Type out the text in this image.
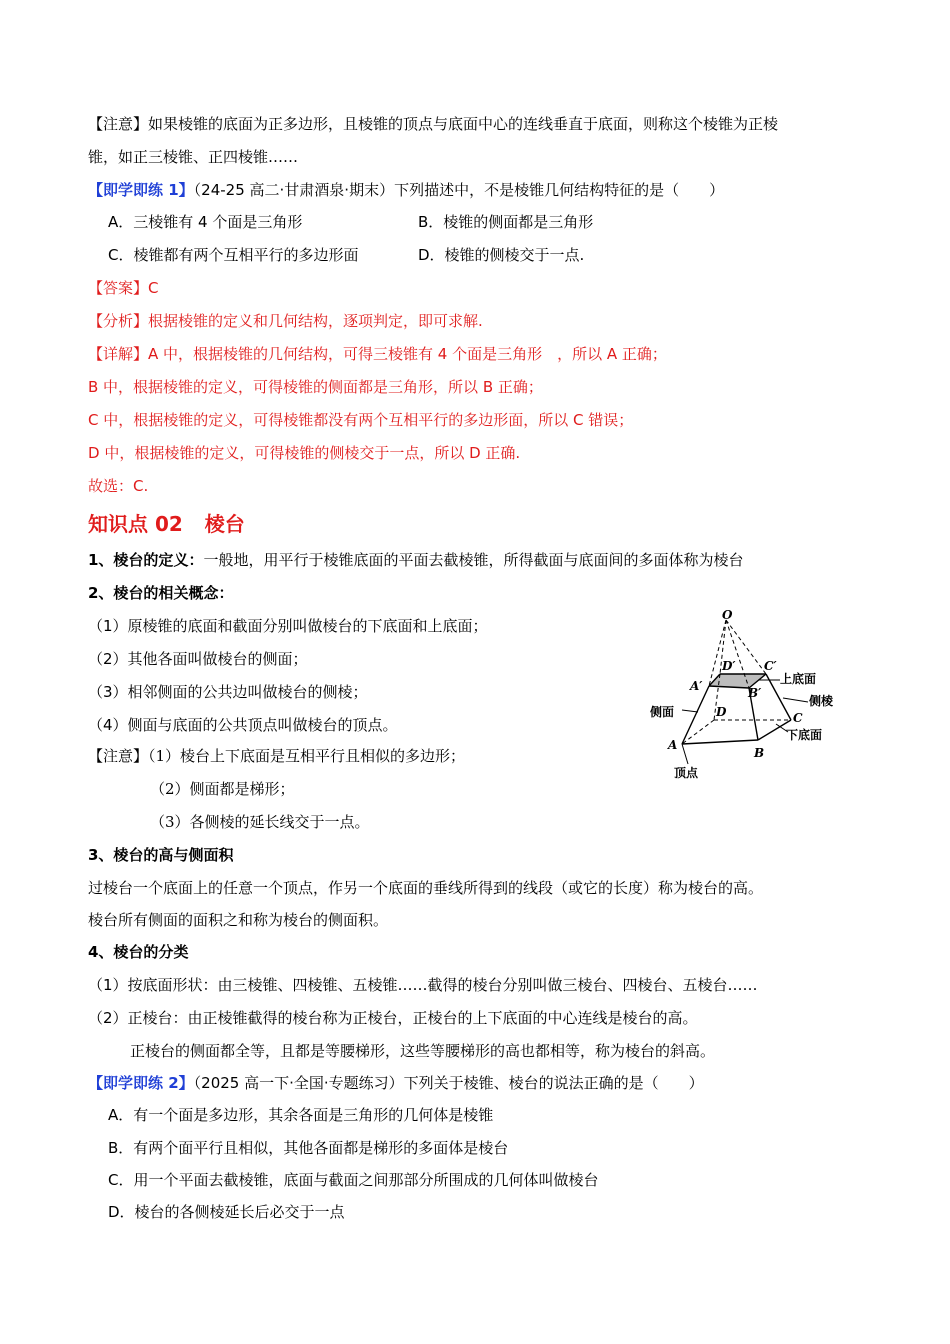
【注意】如果棱锥的底面为正多边形，且棱锥的顶点与底面中心的连线垂直于底面，则称这个棱锥为正棱
锥，如正三棱锥、正四棱锥……
【即学即练 1】（24-25 高二·甘肃酒泉·期末）下列描述中，不是棱锥几何结构特征的是（　　）
A．三棱锥有 4 个面是三角形	B．棱锥的侧面都是三角形
C．棱锥都有两个互相平行的多边形面	D．棱锥的侧棱交于一点.
【答案】C
【分析】根据棱锥的定义和几何结构，逐项判定，即可求解.
【详解】A 中，根据棱锥的几何结构，可得三棱锥有 4 个面是三角形　，所以 A 正确；
B 中，根据棱锥的定义，可得棱锥的侧面都是三角形，所以 B 正确；
C 中，根据棱锥的定义，可得棱锥都没有两个互相平行的多边形面，所以 C 错误；
D 中，根据棱锥的定义，可得棱锥的侧棱交于一点，所以 D 正确.
故选：C.
知识点 02 棱台
1、棱台的定义：一般地，用平行于棱锥底面的平面去截棱锥，所得截面与底面间的多面体称为棱台
2、棱台的相关概念：
（1）原棱锥的底面和截面分别叫做棱台的下底面和上底面；
（2）其他各面叫做棱台的侧面；
（3）相邻侧面的公共边叫做棱台的侧棱；
（4）侧面与底面的公共顶点叫做棱台的顶点。
【注意】（1）棱台上下底面是互相平行且相似的多边形；
（2）侧面都是梯形；
（3）各侧棱的延长线交于一点。
O
D′ C′
A′	B′
D	C
A
B
上底面
侧棱
侧面
下底面
顶点
3、棱台的高与侧面积
过棱台一个底面上的任意一个顶点，作另一个底面的垂线所得到的线段（或它的长度）称为棱台的高。
棱台所有侧面的面积之和称为棱台的侧面积。
4、棱台的分类
（1）按底面形状：由三棱锥、四棱锥、五棱锥……截得的棱台分别叫做三棱台、四棱台、五棱台……
（2）正棱台：由正棱锥截得的棱台称为正棱台，正棱台的上下底面的中心连线是棱台的高。
正棱台的侧面都全等，且都是等腰梯形，这些等腰梯形的高也都相等，称为棱台的斜高。
【即学即练 2】（2025 高一下·全国·专题练习）下列关于棱锥、棱台的说法正确的是（　　）
A．有一个面是多边形，其余各面是三角形的几何体是棱锥
B．有两个面平行且相似，其他各面都是梯形的多面体是棱台
C．用一个平面去截棱锥，底面与截面之间那部分所围成的几何体叫做棱台
D．棱台的各侧棱延长后必交于一点
